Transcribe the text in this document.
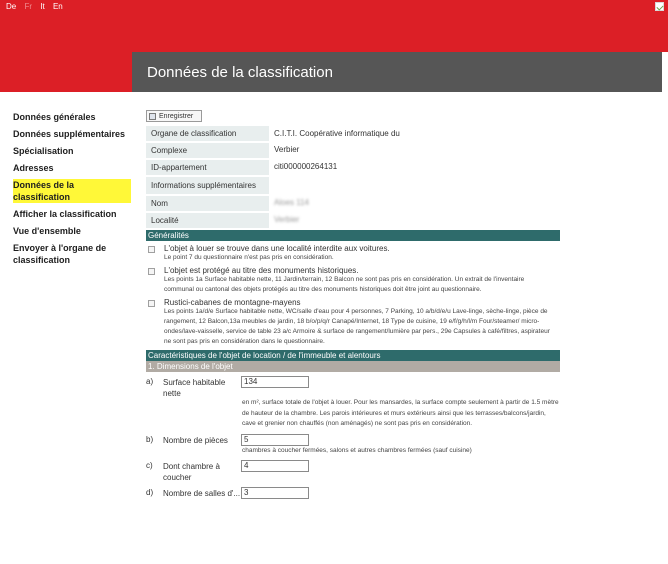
De Fr It En
Données de la classification
Données générales
Données supplémentaires
Spécialisation
Adresses
Données de la classification
Afficher la classification
Vue d'ensemble
Envoyer à l'organe de classification
Enregistrer
Organe de classification	C.I.T.I. Coopérative informatique du
Complexe	Verbier
ID-appartement	citi000000264131
Informations supplémentaires	
Nom	Aloes 114
Localité	Verbier
Généralités
L'objet à louer se trouve dans une localité interdite aux voitures.
Le point 7 du questionnaire n'est pas pris en considération.
L'objet est protégé au titre des monuments historiques.
Les points 1a Surface habitable nette, 11 Jardin/terrain, 12 Balcon ne sont pas pris en considération. Un extrait de l'inventaire communal ou cantonal des objets protégés au titre des monuments historiques doit être joint au questionnaire.
Rustici-cabanes de montagne-mayens
Les points 1a/d/e Surface habitable nette, WC/salle d'eau pour 4 personnes, 7 Parking, 10 a/b/d/e/u Lave-linge, sèche-linge, pièce de rangement, 12 Balcon,13a meubles de jardin, 18 b/o/p/q/r Canapé/Internet, 18 Type de cuisine, 19 e/f/g/h/l/m Four/steamer/ micro-ondes/lave-vaisselle, service de table 23 a/c Armoire & surface de rangement/lumière par pers., 29e Capsules à café/filtres, aspirateur ne sont pas pris en considération dans le questionnaire.
Caractéristiques de l'objet de location / de l'immeuble et alentours
1. Dimensions de l'objet
a)	Surface habitable nette
134
en m², surface totale de l'objet à louer. Pour les mansardes, la surface compte seulement à partir de 1.5 mètre de hauteur de la chambre. Les parois intérieures et murs extérieurs ainsi que les terrasses/balcons/jardin, cave et grenier non chauffés (non aménagés) ne sont pas pris en considération.
b)	Nombre de pièces	5
chambres à coucher fermées, salons et autres chambres fermées (sauf cuisine)
c)	Dont chambre à coucher
4
d)	Nombre de salles d'... 3
